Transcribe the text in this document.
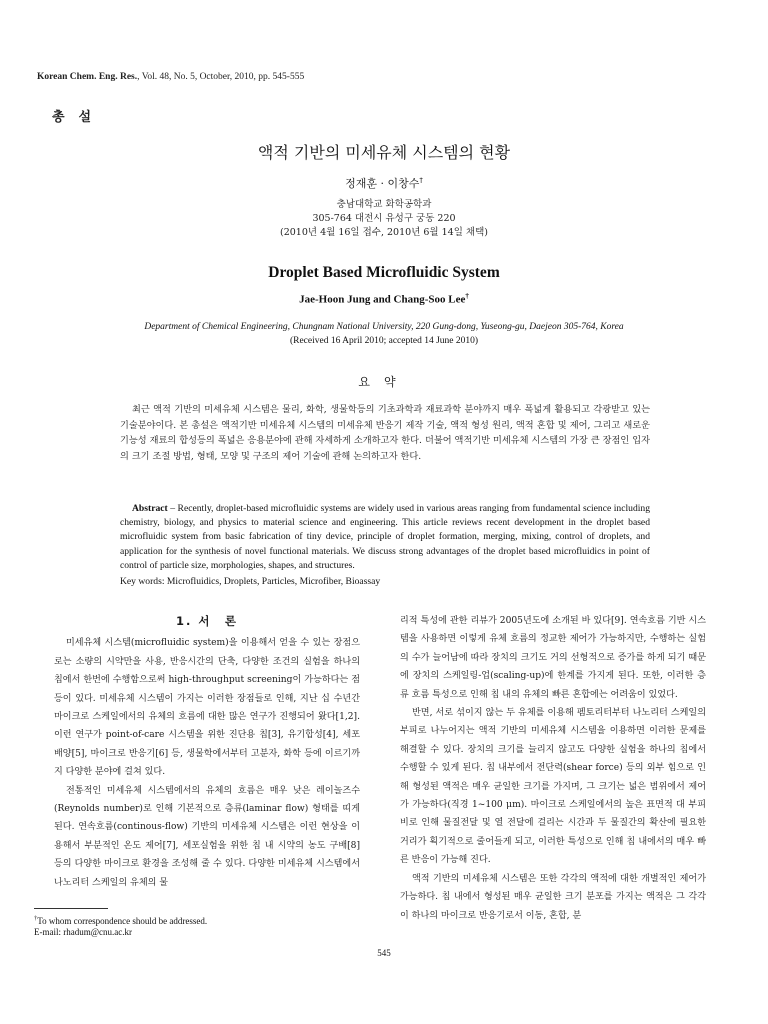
Korean Chem. Eng. Res., Vol. 48, No. 5, October, 2010, pp. 545-555
총설
액적 기반의 미세유체 시스템의 현황
정재훈 · 이창수†
충남대학교 화학공학과
305-764 대전시 유성구 궁동 220
(2010년 4월 16일 접수, 2010년 6월 14일 채택)
Droplet Based Microfluidic System
Jae-Hoon Jung and Chang-Soo Lee†
Department of Chemical Engineering, Chungnam National University, 220 Gung-dong, Yuseong-gu, Daejeon 305-764, Korea
(Received 16 April 2010; accepted 14 June 2010)
요약
최근 액적 기반의 미세유체 시스템은 물리, 화학, 생물학등의 기초과학과 재료과학 분야까지 매우 폭넓게 활용되고 각광받고 있는 기술분야이다. 본 총설은 액적기반 미세유체 시스템의 미세유체 반응기 제작 기술, 액적 형성 원리, 액적 혼합 및 제어, 그리고 새로운 기능성 재료의 합성등의 폭넓은 응용분야에 관해 자세하게 소개하고자 한다. 더불어 액적기반 미세유체 시스템의 가장 큰 장점인 입자의 크기 조절 방법, 형태, 모양 및 구조의 제어 기술에 관해 논의하고자 한다.
Abstract – Recently, droplet-based microfluidic systems are widely used in various areas ranging from fundamental science including chemistry, biology, and physics to material science and engineering. This article reviews recent development in the droplet based microfluidic system from basic fabrication of tiny device, principle of droplet formation, merging, mixing, control of droplets, and application for the synthesis of novel functional materials. We discuss strong advantages of the droplet based microfluidics in point of control of particle size, morphologies, shapes, and structures.
Key words: Microfluidics, Droplets, Particles, Microfiber, Bioassay

1. 서　론

미세유체 시스템(microfluidic system)을 이용해서 얻을 수 있는 장점으로는 소량의 시약만을 사용, 반응시간의 단축, 다양한 조건의 실험을 하나의 칩에서 한번에 수행함으로써 high-throughput screening이 가능하다는 점 등이 있다. 미세유체 시스템이 가지는 이러한 장점들로 인해, 지난 십 수년간 마이크로 스케일에서의 유체의 흐름에 대한 많은 연구가 진행되어 왔다[1,2]. 이런 연구가 point-of-care 시스템을 위한 진단용 칩[3], 유기합성[4], 세포배양[5], 마이크로 반응기[6] 등, 생물학에서부터 고분자, 화학 등에 이르기까지 다양한 분야에 걸쳐 있다.

전통적인 미세유체 시스템에서의 유체의 흐름은 매우 낮은 레이놀즈수(Reynolds number)로 인해 기본적으로 층류(laminar flow) 형태를 띠게 된다. 연속흐름(continous-flow) 기반의 미세유체 시스템은 이런 현상을 이용해서 부분적인 온도 제어[7], 세포실험을 위한 칩 내 시약의 농도 구배[8] 등의 다양한 마이크로 환경을 조성해 줄 수 있다. 다양한 미세유체 시스템에서 나노리터 스케일의 유체의 물

리적 특성에 관한 리뷰가 2005년도에 소개된 바 있다[9]. 연속흐름 기반 시스템을 사용하면 이렇게 유체 흐름의 정교한 제어가 가능하지만, 수행하는 실험의 수가 늘어남에 따라 장치의 크기도 거의 선형적으로 증가를 하게 되기 때문에 장치의 스케일링-업(scaling-up)에 한계를 가지게 된다. 또한, 이러한 층류 흐름 특성으로 인해 칩 내의 유체의 빠른 혼합에는 어려움이 있었다.

반면, 서로 섞이지 않는 두 유체를 이용해 펨토리터부터 나노리터 스케일의 부피로 나누어지는 액적 기반의 미세유체 시스템을 이용하면 이러한 문제를 해결할 수 있다. 장치의 크기를 늘리지 않고도 다양한 실험을 하나의 칩에서 수행할 수 있게 된다. 칩 내부에서 전단력(shear force) 등의 외부 힘으로 인해 형성된 액적은 매우 균일한 크기를 가지며, 그 크기는 넓은 범위에서 제어가 가능하다(직경 1~100 μm). 마이크로 스케일에서의 높은 표면적 대 부피비로 인해 물질전달 및 열 전달에 걸리는 시간과 두 물질간의 확산에 필요한 거리가 획기적으로 줄어들게 되고, 이러한 특성으로 인해 칩 내에서의 매우 빠른 반응이 가능해 진다.

액적 기반의 미세유체 시스템은 또한 각각의 액적에 대한 개별적인 제어가 가능하다. 칩 내에서 형성된 매우 균일한 크기 분포를 가지는 액적은 그 각각이 하나의 마이크로 반응기로서 이동, 혼합, 분

†To whom correspondence should be addressed.
E-mail: rhadum@cnu.ac.kr
545
